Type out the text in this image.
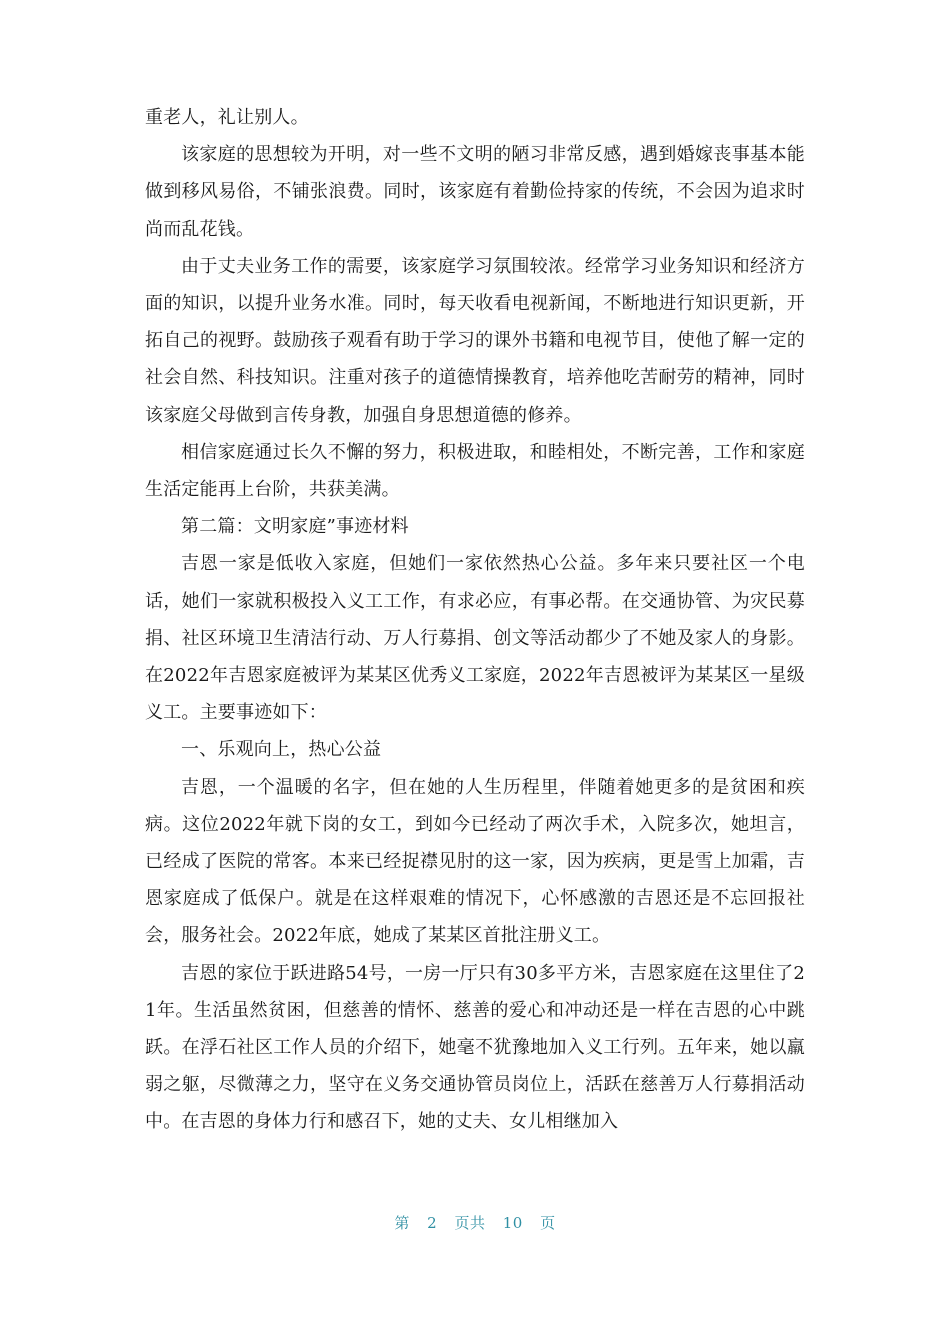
重老人，礼让别人。

该家庭的思想较为开明，对一些不文明的陋习非常反感，遇到婚嫁丧事基本能做到移风易俗，不铺张浪费。同时，该家庭有着勤俭持家的传统，不会因为追求时尚而乱花钱。

由于丈夫业务工作的需要，该家庭学习氛围较浓。经常学习业务知识和经济方面的知识，以提升业务水准。同时，每天收看电视新闻，不断地进行知识更新，开拓自己的视野。鼓励孩子观看有助于学习的课外书籍和电视节目，使他了解一定的社会自然、科技知识。注重对孩子的道德情操教育，培养他吃苦耐劳的精神，同时该家庭父母做到言传身教，加强自身思想道德的修养。

相信家庭通过长久不懈的努力，积极进取，和睦相处，不断完善，工作和家庭生活定能再上台阶，共获美满。

第二篇：文明家庭”事迹材料

吉恩一家是低收入家庭，但她们一家依然热心公益。多年来只要社区一个电话，她们一家就积极投入义工工作，有求必应，有事必帮。在交通协管、为灾民募捐、社区环境卫生清洁行动、万人行募捐、创文等活动都少了不她及家人的身影。在2022年吉恩家庭被评为某某区优秀义工家庭，2022年吉恩被评为某某区一星级义工。主要事迹如下：

一、乐观向上，热心公益

吉恩，一个温暖的名字，但在她的人生历程里，伴随着她更多的是贫困和疾病。这位2022年就下岗的女工，到如今已经动了两次手术，入院多次，她坦言，已经成了医院的常客。本来已经捉襟见肘的这一家，因为疾病，更是雪上加霜，吉恩家庭成了低保户。就是在这样艰难的情况下，心怀感激的吉恩还是不忘回报社会，服务社会。2022年底，她成了某某区首批注册义工。

吉恩的家位于跃进路54号，一房一厅只有30多平方米，吉恩家庭在这里住了21年。生活虽然贫困，但慈善的情怀、慈善的爱心和冲动还是一样在吉恩的心中跳跃。在浮石社区工作人员的介绍下，她毫不犹豫地加入义工行列。五年来，她以羸弱之躯，尽微薄之力，坚守在义务交通协管员岗位上，活跃在慈善万人行募捐活动中。在吉恩的身体力行和感召下，她的丈夫、女儿相继加入

第 2 页共 10 页
